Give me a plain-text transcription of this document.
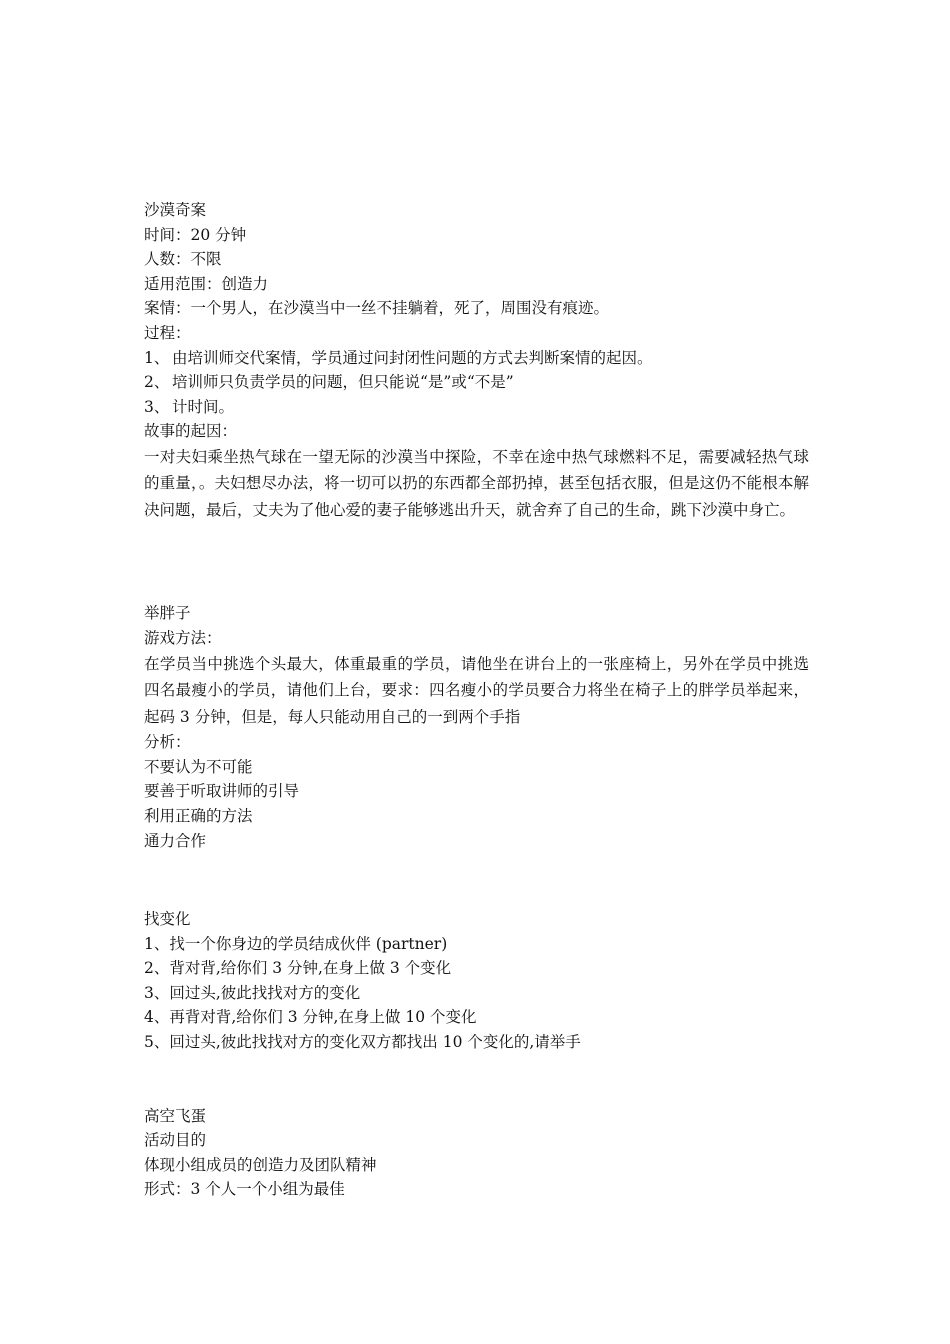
沙漠奇案
时间：20 分钟
人数：不限
适用范围：创造力
案情：一个男人，在沙漠当中一丝不挂躺着，死了，周围没有痕迹。
过程：
1、 由培训师交代案情，学员通过问封闭性问题的方式去判断案情的起因。
2、 培训师只负责学员的问题，但只能说“是”或“不是”
3、 计时间。
故事的起因：
一对夫妇乘坐热气球在一望无际的沙漠当中探险，不幸在途中热气球燃料不足，需要减轻热气球的重量，。夫妇想尽办法，将一切可以扔的东西都全部扔掉，甚至包括衣服，但是这仍不能根本解决问题，最后，丈夫为了他心爱的妻子能够逃出升天，就舍弃了自己的生命，跳下沙漠中身亡。
举胖子
游戏方法：
在学员当中挑选个头最大，体重最重的学员，请他坐在讲台上的一张座椅上，另外在学员中挑选四名最瘦小的学员，请他们上台，要求：四名瘦小的学员要合力将坐在椅子上的胖学员举起来，起码 3 分钟，但是，每人只能动用自己的一到两个手指
分析：
不要认为不可能
要善于听取讲师的引导
利用正确的方法
通力合作
找变化
1、找一个你身边的学员结成伙伴 (partner)
2、背对背,给你们 3 分钟,在身上做 3 个变化
3、回过头,彼此找找对方的变化
4、再背对背,给你们 3 分钟,在身上做 10 个变化
5、回过头,彼此找找对方的变化双方都找出 10 个变化的,请举手
高空飞蛋
活动目的
体现小组成员的创造力及团队精神
形式：3 个人一个小组为最佳
